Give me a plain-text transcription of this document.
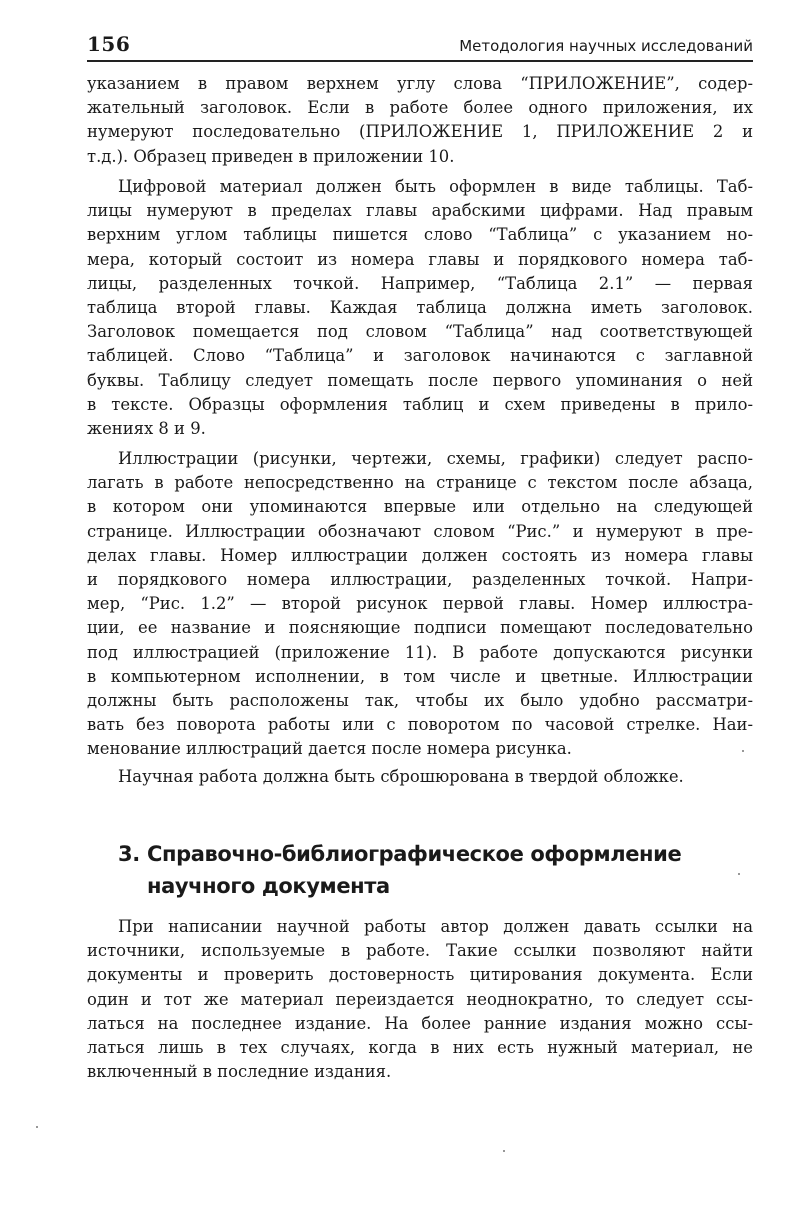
156	Методология научных исследований
указанием в правом верхнем углу слова “ПРИЛОЖЕНИЕ”, содер-
жательный заголовок. Если в работе более одного приложения, их
нумеруют последовательно (ПРИЛОЖЕНИЕ 1, ПРИЛОЖЕНИЕ 2 и
т.д.). Образец приведен в приложении 10.
Цифровой материал должен быть оформлен в виде таблицы. Таб-
лицы нумеруют в пределах главы арабскими цифрами. Над правым
верхним углом таблицы пишется слово “Таблица” с указанием но-
мера, который состоит из номера главы и порядкового номера таб-
лицы, разделенных точкой. Например, “Таблица 2.1” — первая
таблица второй главы. Каждая таблица должна иметь заголовок.
Заголовок помещается под словом “Таблица” над соответствующей
таблицей. Слово “Таблица” и заголовок начинаются с заглавной
буквы. Таблицу следует помещать после первого упоминания о ней
в тексте. Образцы оформления таблиц и схем приведены в прило-
жениях 8 и 9.
Иллюстрации (рисунки, чертежи, схемы, графики) следует распо-
лагать в работе непосредственно на странице с текстом после абзаца,
в котором они упоминаются впервые или отдельно на следующей
странице. Иллюстрации обозначают словом “Рис.” и нумеруют в пре-
делах главы. Номер иллюстрации должен состоять из номера главы
и порядкового номера иллюстрации, разделенных точкой. Напри-
мер, “Рис. 1.2” — второй рисунок первой главы. Номер иллюстра-
ции, ее название и поясняющие подписи помещают последовательно
под иллюстрацией (приложение 11). В работе допускаются рисунки
в компьютерном исполнении, в том числе и цветные. Иллюстрации
должны быть расположены так, чтобы их было удобно рассматри-
вать без поворота работы или с поворотом по часовой стрелке. Наи-
менование иллюстраций дается после номера рисунка.
Научная работа должна быть сброшюрована в твердой обложке.
3. Справочно-библиографическое оформление
научного документа
При написании научной работы автор должен давать ссылки на
источники, используемые в работе. Такие ссылки позволяют найти
документы и проверить достоверность цитирования документа. Если
один и тот же материал переиздается неоднократно, то следует ссы-
латься на последнее издание. На более ранние издания можно ссы-
латься лишь в тех случаях, когда в них есть нужный материал, не
включенный в последние издания.
